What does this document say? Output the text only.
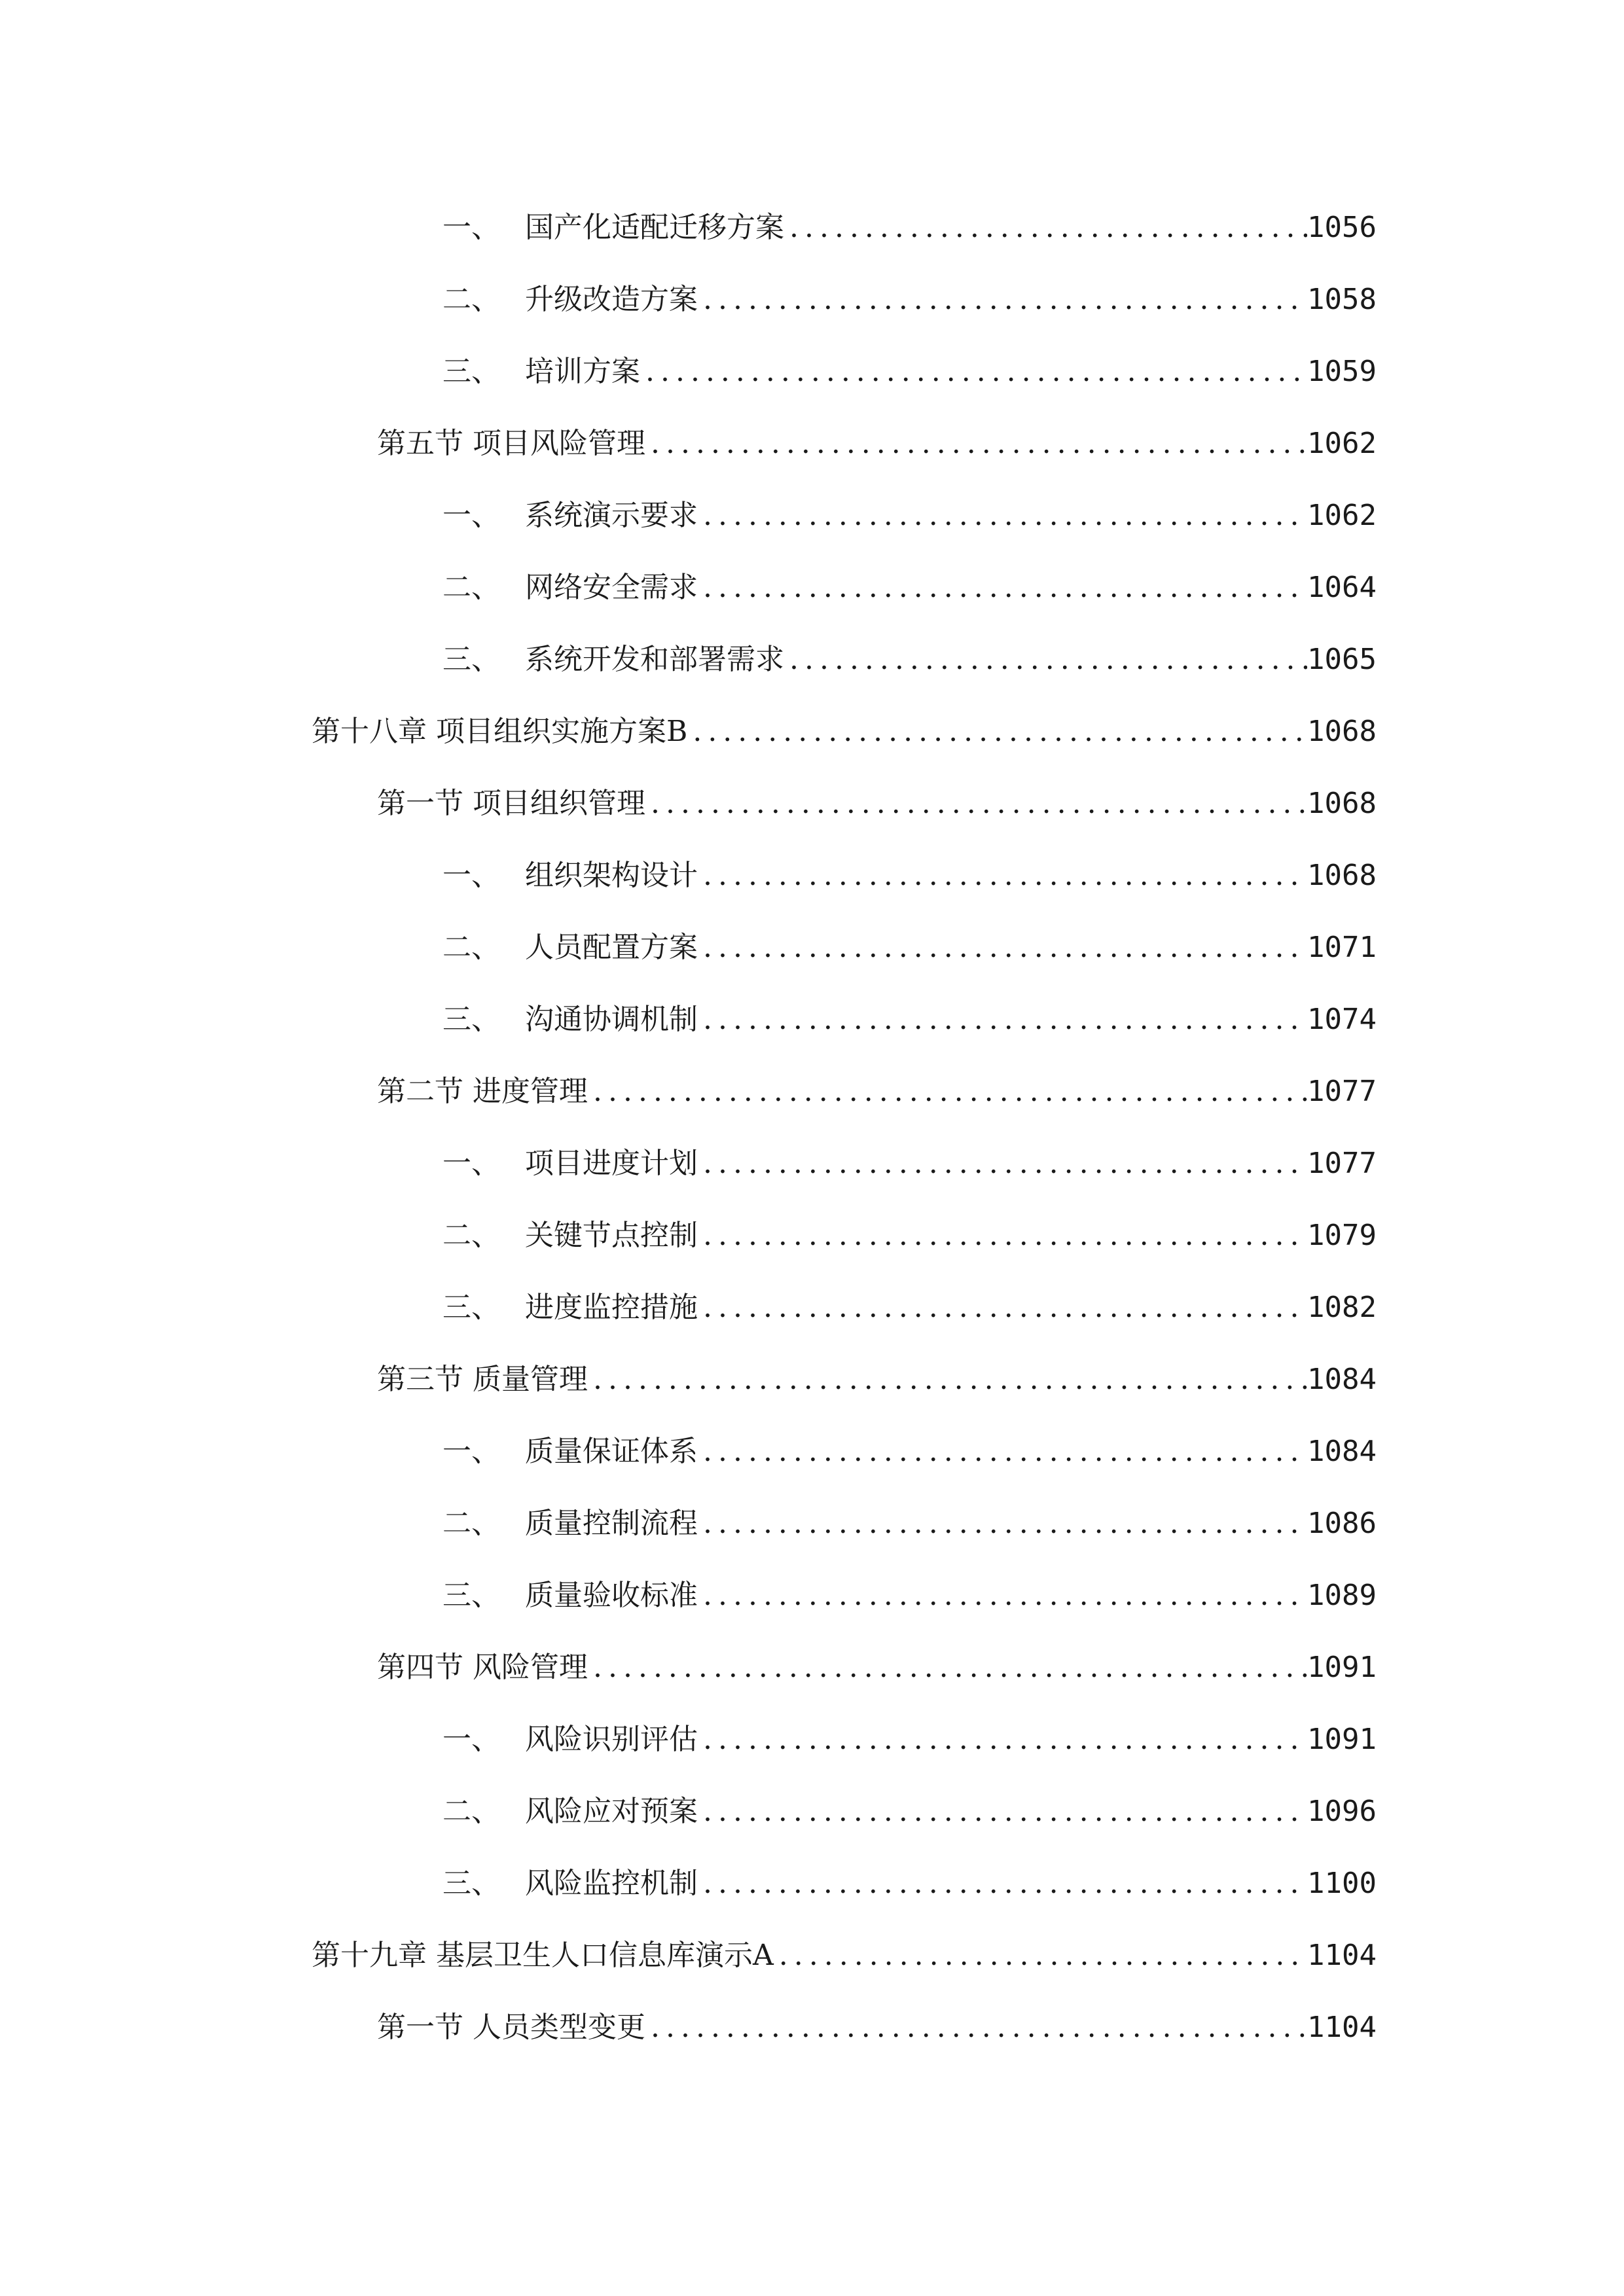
一、 国产化适配迁移方案 .....	1056
二、 升级改造方案 .....	1058
三、 培训方案 .....	1059
第五节 项目风险管理 .....	1062
一、 系统演示要求 .....	1062
二、 网络安全需求 .....	1064
三、 系统开发和部署需求 .....	1065
第十八章 项目组织实施方案B .....	1068
第一节 项目组织管理 .....	1068
一、 组织架构设计 .....	1068
二、 人员配置方案 .....	1071
三、 沟通协调机制 .....	1074
第二节 进度管理 .....	1077
一、 项目进度计划 .....	1077
二、 关键节点控制 .....	1079
三、 进度监控措施 .....	1082
第三节 质量管理 .....	1084
一、 质量保证体系 .....	1084
二、 质量控制流程 .....	1086
三、 质量验收标准 .....	1089
第四节 风险管理 .....	1091
一、 风险识别评估 .....	1091
二、 风险应对预案 .....	1096
三、 风险监控机制 .....	1100
第十九章 基层卫生人口信息库演示A .....	1104
第一节 人员类型变更 .....	1104
